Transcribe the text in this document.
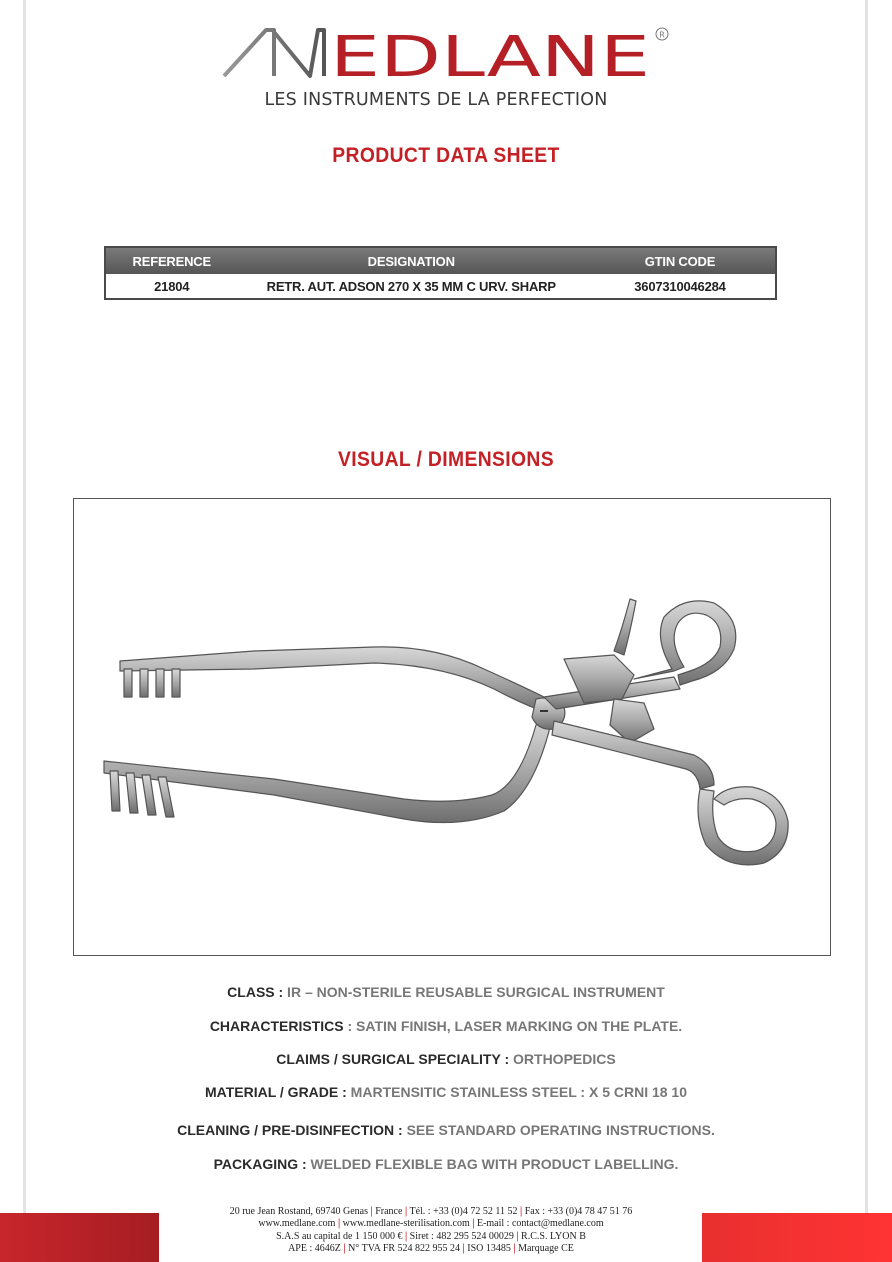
EDLANE R
LES INSTRUMENTS DE LA PERFECTION
PRODUCT DATA SHEET
REFERENCE	DESIGNATION	GTIN CODE
21804	RETR. AUT. ADSON 270 X 35 MM C URV. SHARP	3607310046284
VISUAL / DIMENSIONS
CLASS : IR – NON-STERILE REUSABLE SURGICAL INSTRUMENT
CHARACTERISTICS : SATIN FINISH, LASER MARKING ON THE PLATE.
CLAIMS / SURGICAL SPECIALITY : ORTHOPEDICS
MATERIAL / GRADE : MARTENSITIC STAINLESS STEEL : X 5 CRNI 18 10
CLEANING / PRE-DISINFECTION : SEE STANDARD OPERATING INSTRUCTIONS.
PACKAGING : WELDED FLEXIBLE BAG WITH PRODUCT LABELLING.
20 rue Jean Rostand, 69740 Genas | France | Tél. : +33 (0)4 72 52 11 52 | Fax : +33 (0)4 78 47 51 76
www.medlane.com | www.medlane-sterilisation.com | E-mail : contact@medlane.com
S.A.S au capital de 1 150 000 € | Siret : 482 295 524 00029 | R.C.S. LYON B
APE : 4646Z | N° TVA FR 524 822 955 24 | ISO 13485 | Marquage CE
